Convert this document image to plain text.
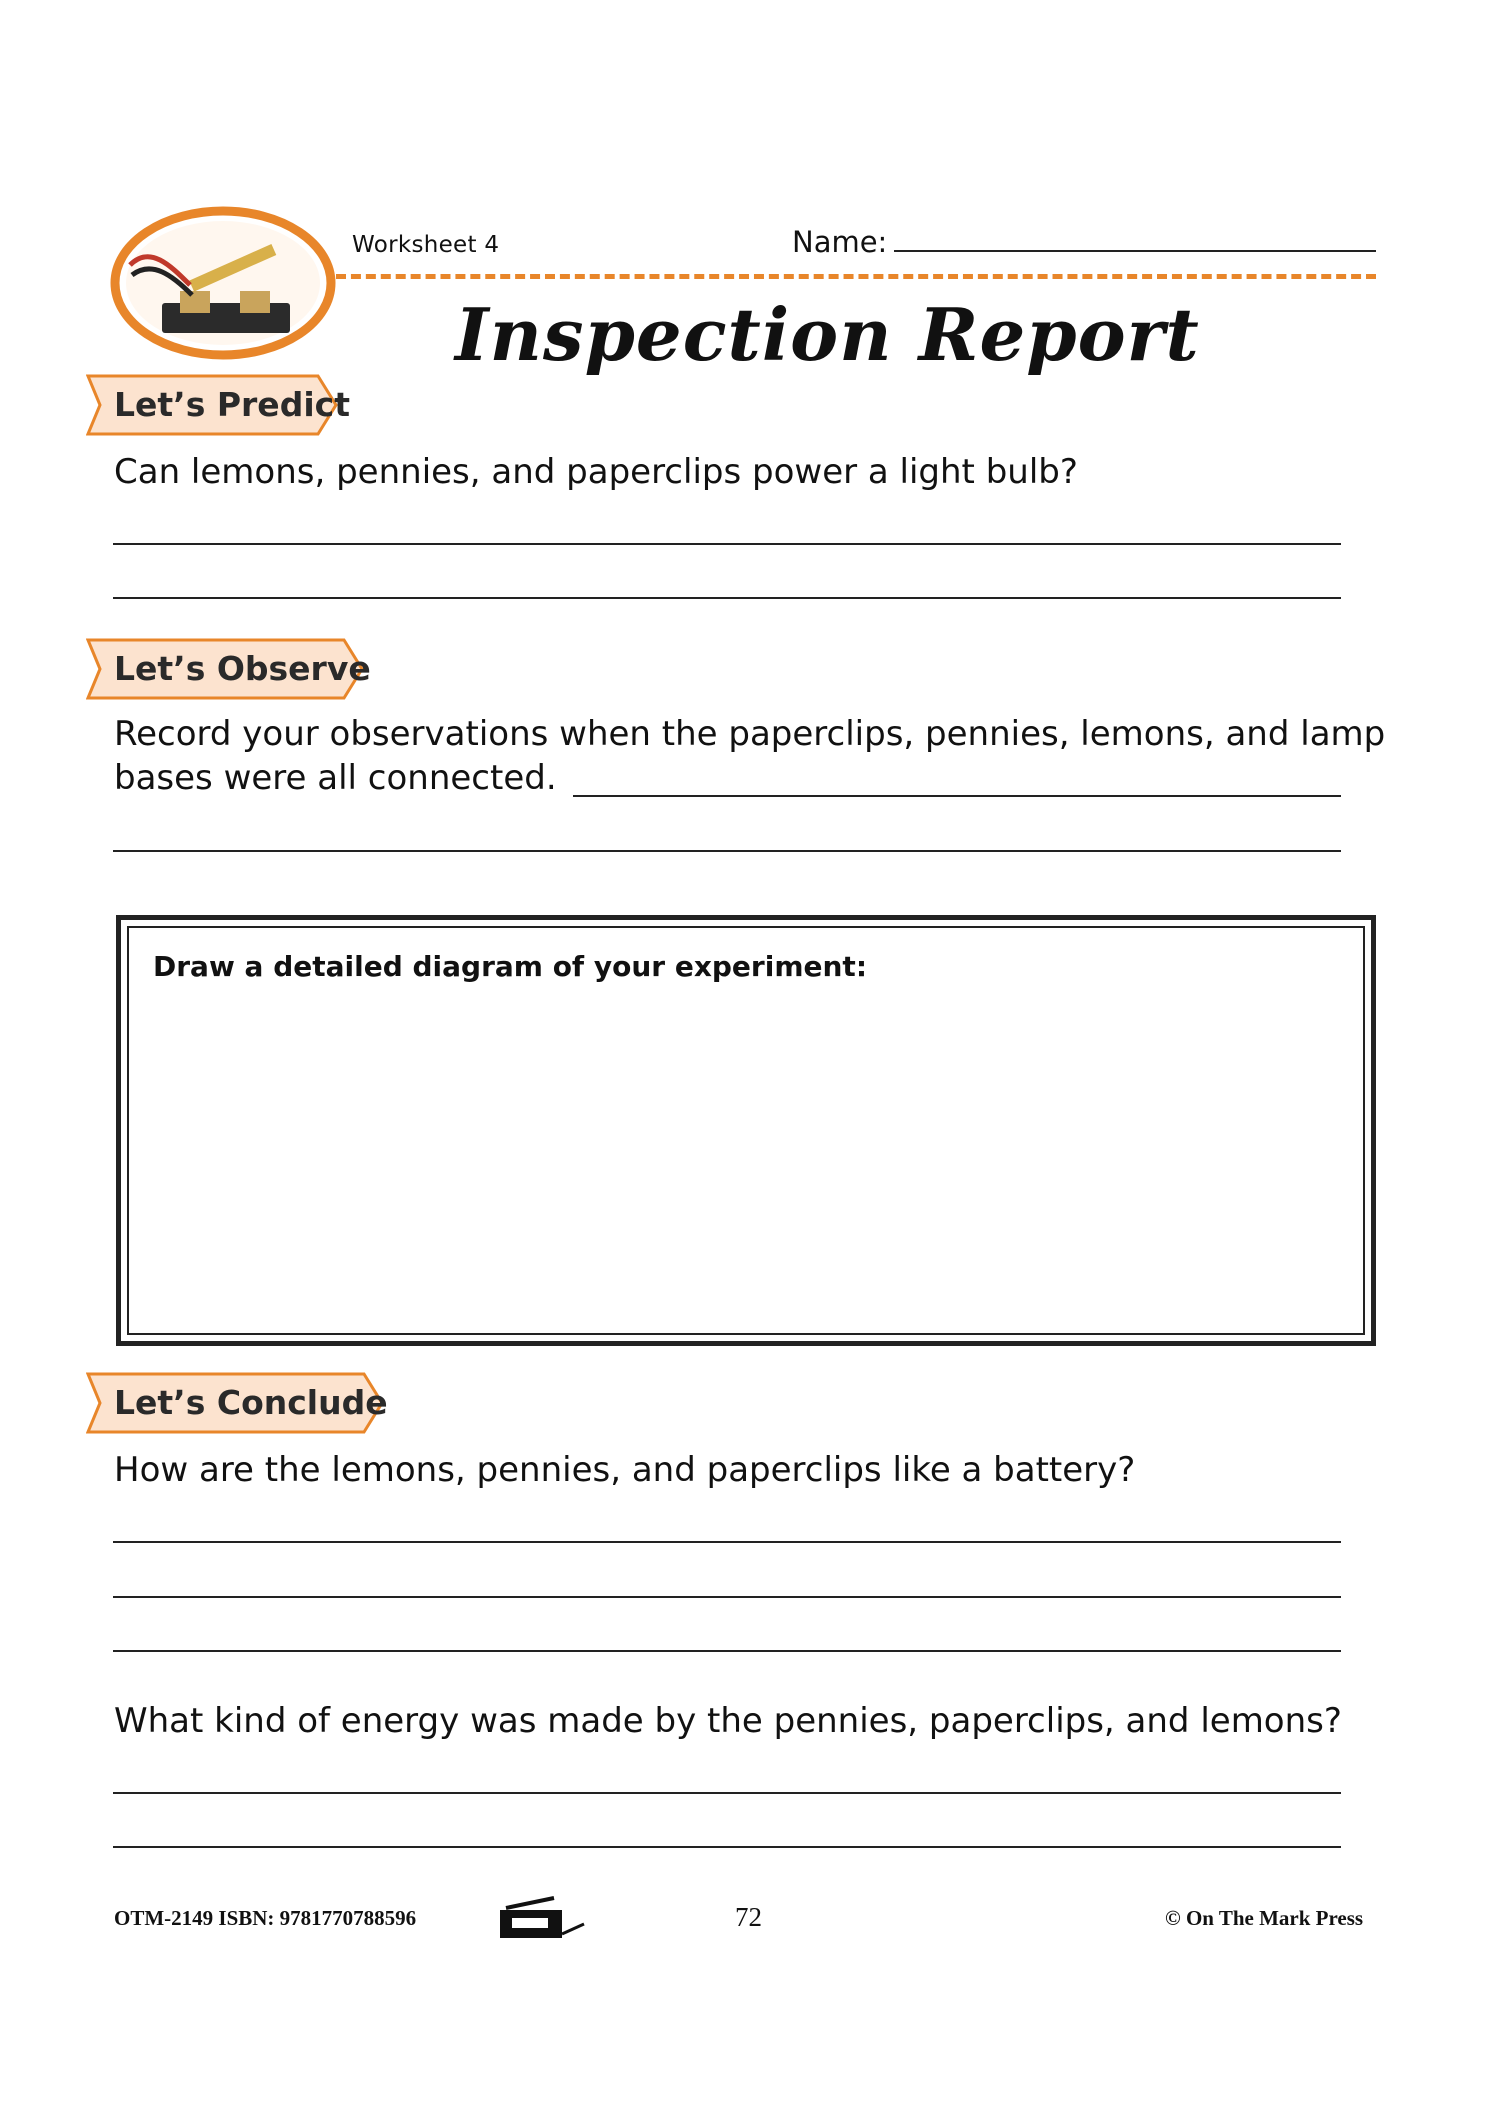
Worksheet 4	Name:
Inspection Report
Let’s Predict
Can lemons, pennies, and paperclips power a light bulb?
Let’s Observe
Record your observations when the paperclips, pennies, lemons, and lamp
bases were all connected.
Draw a detailed diagram of your experiment:
Let’s Conclude
How are the lemons, pennies, and paperclips like a battery?
What kind of energy was made by the pennies, paperclips, and lemons?
OTM-2149 ISBN: 9781770788596	72	© On The Mark Press
